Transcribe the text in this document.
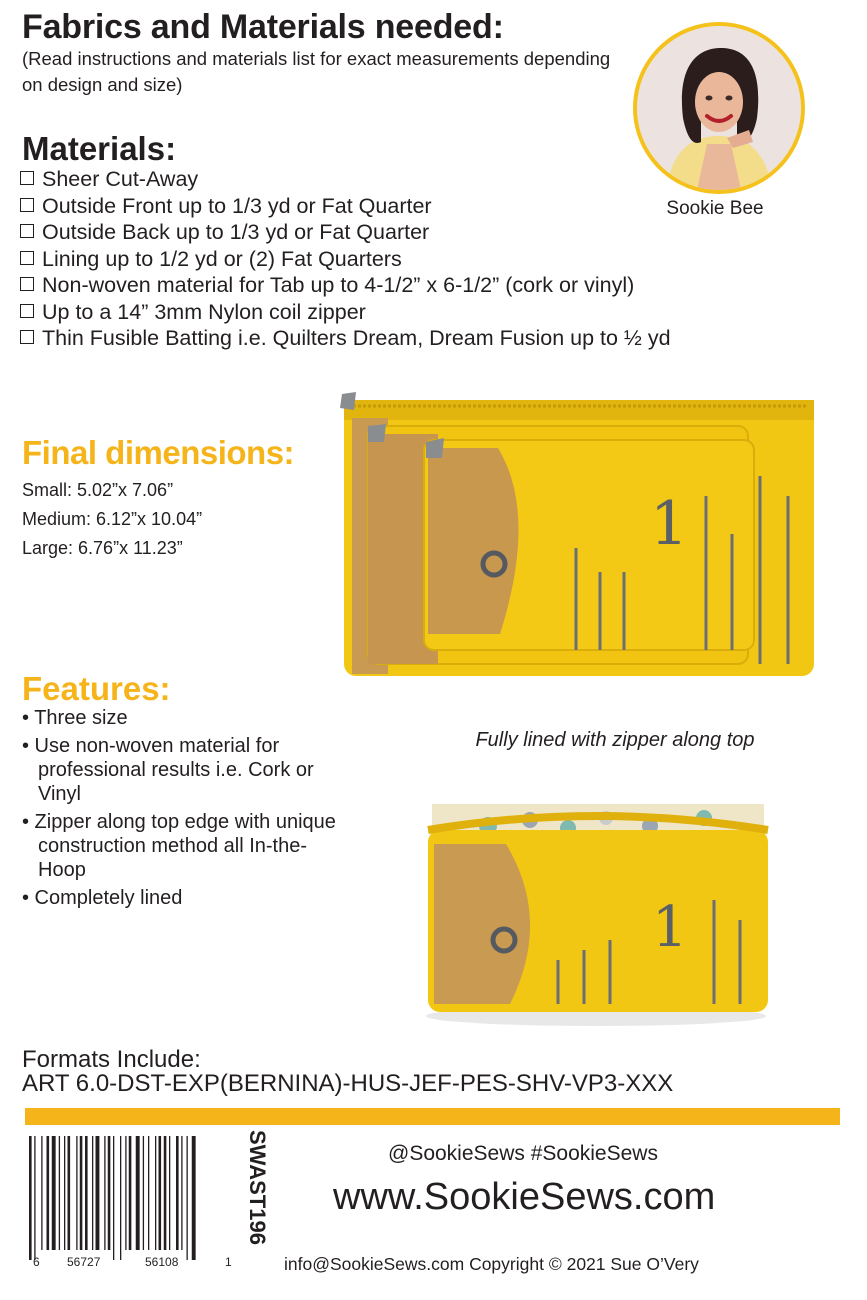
Fabrics and Materials needed:
(Read instructions and materials list for exact measurements depending on design and size)
Sookie Bee
Materials:
Sheer Cut-Away
Outside Front up to 1/3 yd or Fat Quarter
Outside Back up to 1/3 yd or Fat Quarter
Lining up to 1/2 yd or (2) Fat Quarters
Non-woven material for Tab up to 4-1/2” x 6-1/2” (cork or vinyl)
Up to a 14” 3mm Nylon coil zipper
Thin Fusible Batting i.e. Quilters Dream, Dream Fusion up to ½ yd
1
Final dimensions:
Small: 5.02”x 7.06”
Medium: 6.12”x 10.04”
Large: 6.76”x 11.23”
Features:
• Three size
• Use non-woven material for professional results i.e. Cork or Vinyl
• Zipper along top edge with unique construction method all In-the-Hoop
• Completely lined
Fully lined with zipper along top
1
Formats Include:
ART 6.0-DST-EXP(BERNINA)-HUS-JEF-PES-SHV-VP3-XXX
6 56727	56108	1
SWAST196	@SookieSews #SookieSews
www.SookieSews.com
info@SookieSews.com Copyright © 2021 Sue O’Very
